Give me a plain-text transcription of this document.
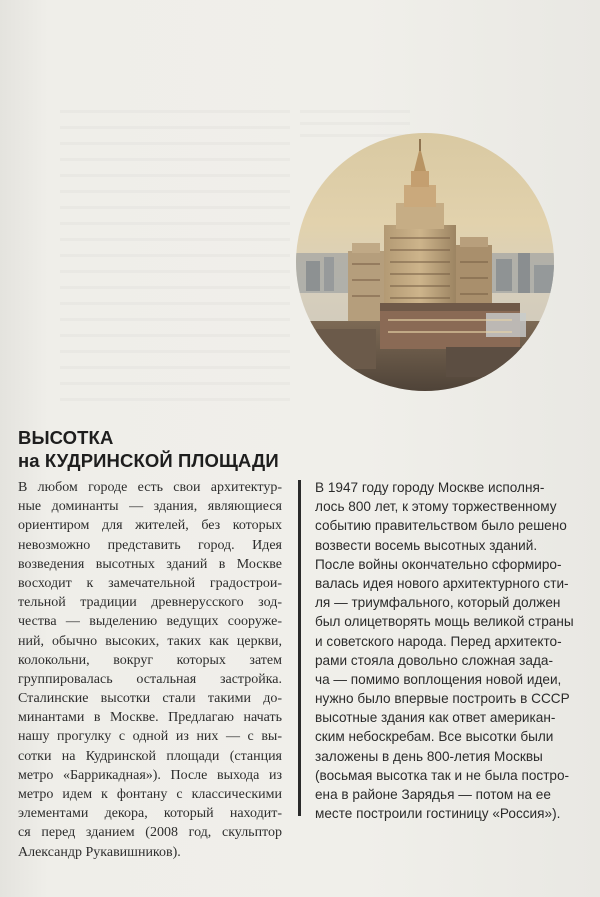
ВЫСОТКА
на КУДРИНСКОЙ ПЛОЩАДИ
В любом городе есть свои архитектур-
ные доминанты — здания, являющиеся
ориентиром для жителей, без которых
невозможно представить город. Идея
возведения высотных зданий в Москве
восходит к замечательной градострои-
тельной традиции древнерусского зод-
чества — выделению ведущих сооруже-
ний, обычно высоких, таких как церкви,
колокольни, вокруг которых затем
группировалась остальная застройка.
Сталинские высотки стали такими до-
минантами в Москве. Предлагаю начать
нашу прогулку с одной из них — с вы-
сотки на Кудринской площади (станция
метро «Баррикадная»). После выхода из
метро идем к фонтану с классическими
элементами декора, который находит-
ся перед зданием (2008 год, скульптор
Александр Рукавишников).
В 1947 году городу Москве исполня-
лось 800 лет, к этому торжественному
событию правительством было решено
возвести восемь высотных зданий.
После войны окончательно сформиро-
валась идея нового архитектурного сти-
ля — триумфального, который должен
был олицетворять мощь великой страны
и советского народа. Перед архитекто-
рами стояла довольно сложная зада-
ча — помимо воплощения новой идеи,
нужно было впервые построить в СССР
высотные здания как ответ американ-
ским небоскребам. Все высотки были
заложены в день 800-летия Москвы
(восьмая высотка так и не была постро-
ена в районе Зарядья — потом на ее
месте построили гостиницу «Россия»).
